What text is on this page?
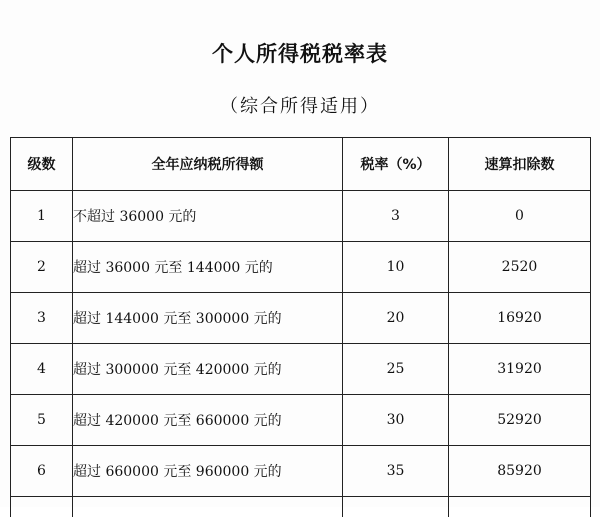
个人所得税税率表
（综合所得适用）
级数	全年应纳税所得额	税率（%）	速算扣除数
1	不超过 36000 元的	3	0
2	超过 36000 元至 144000 元的	10	2520
3	超过 144000 元至 300000 元的	20	16920
4	超过 300000 元至 420000 元的	25	31920
5	超过 420000 元至 660000 元的	30	52920
6	超过 660000 元至 960000 元的	35	85920
